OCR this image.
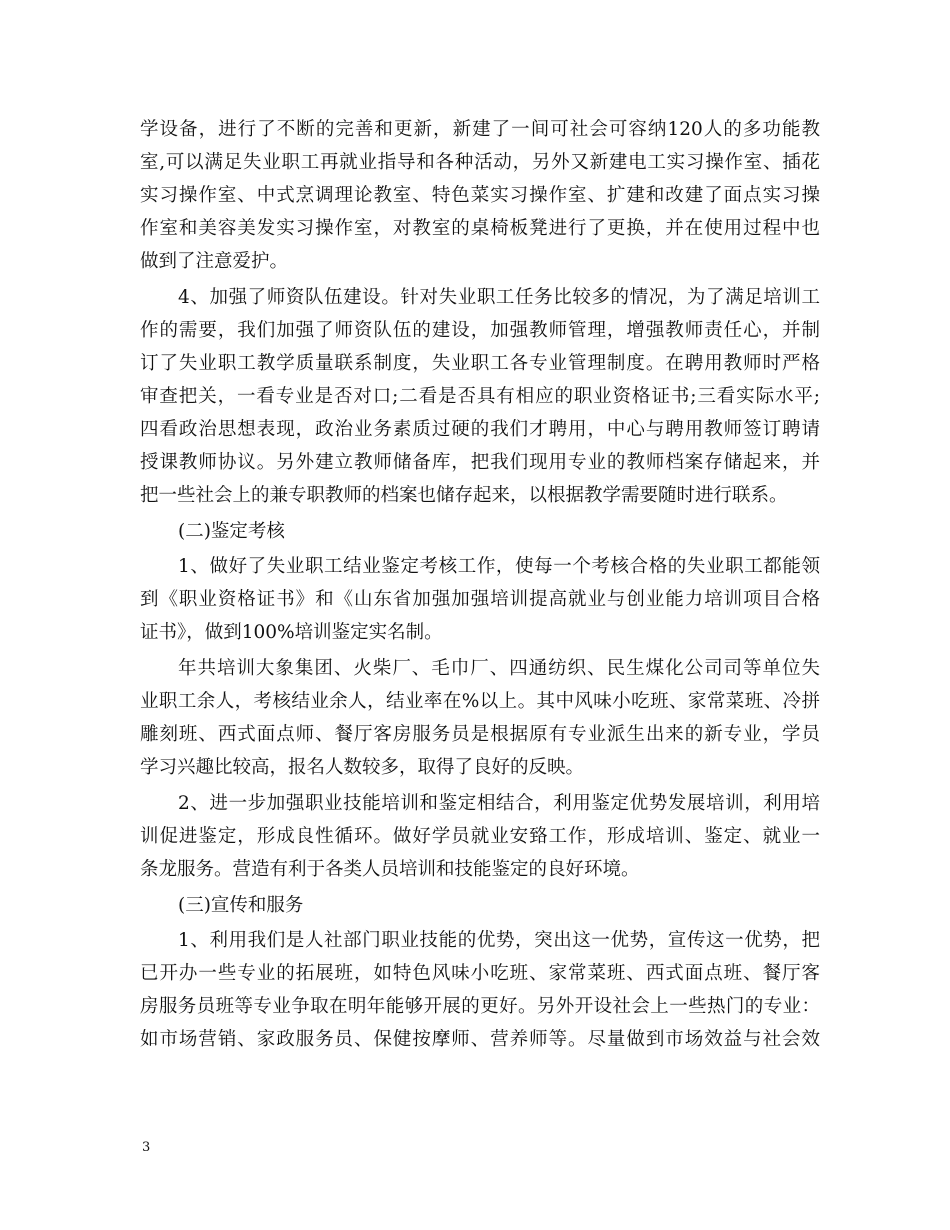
学设备，进行了不断的完善和更新，新建了一间可社会可容纳120人的多功能教
室,可以满足失业职工再就业指导和各种活动，另外又新建电工实习操作室、插花
实习操作室、中式烹调理论教室、特色菜实习操作室、扩建和改建了面点实习操
作室和美容美发实习操作室，对教室的桌椅板凳进行了更换，并在使用过程中也
做到了注意爱护。
4、加强了师资队伍建设。针对失业职工任务比较多的情况，为了满足培训工
作的需要，我们加强了师资队伍的建设，加强教师管理，增强教师责任心，并制
订了失业职工教学质量联系制度，失业职工各专业管理制度。在聘用教师时严格
审查把关，一看专业是否对口;二看是否具有相应的职业资格证书;三看实际水平;
四看政治思想表现，政治业务素质过硬的我们才聘用，中心与聘用教师签订聘请
授课教师协议。另外建立教师储备库，把我们现用专业的教师档案存储起来，并
把一些社会上的兼专职教师的档案也储存起来，以根据教学需要随时进行联系。
(二)鉴定考核
1、做好了失业职工结业鉴定考核工作，使每一个考核合格的失业职工都能领
到《职业资格证书》和《山东省加强加强培训提高就业与创业能力培训项目合格
证书》，做到100%培训鉴定实名制。
年共培训大象集团、火柴厂、毛巾厂、四通纺织、民生煤化公司司等单位失
业职工余人，考核结业余人，结业率在%以上。其中风味小吃班、家常菜班、冷拼
雕刻班、西式面点师、餐厅客房服务员是根据原有专业派生出来的新专业，学员
学习兴趣比较高，报名人数较多，取得了良好的反映。
2、进一步加强职业技能培训和鉴定相结合，利用鉴定优势发展培训，利用培
训促进鉴定，形成良性循环。做好学员就业安臵工作，形成培训、鉴定、就业一
条龙服务。营造有利于各类人员培训和技能鉴定的良好环境。
(三)宣传和服务
1、利用我们是人社部门职业技能的优势，突出这一优势，宣传这一优势，把
已开办一些专业的拓展班，如特色风味小吃班、家常菜班、西式面点班、餐厅客
房服务员班等专业争取在明年能够开展的更好。另外开设社会上一些热门的专业：
如市场营销、家政服务员、保健按摩师、营养师等。尽量做到市场效益与社会效
3
